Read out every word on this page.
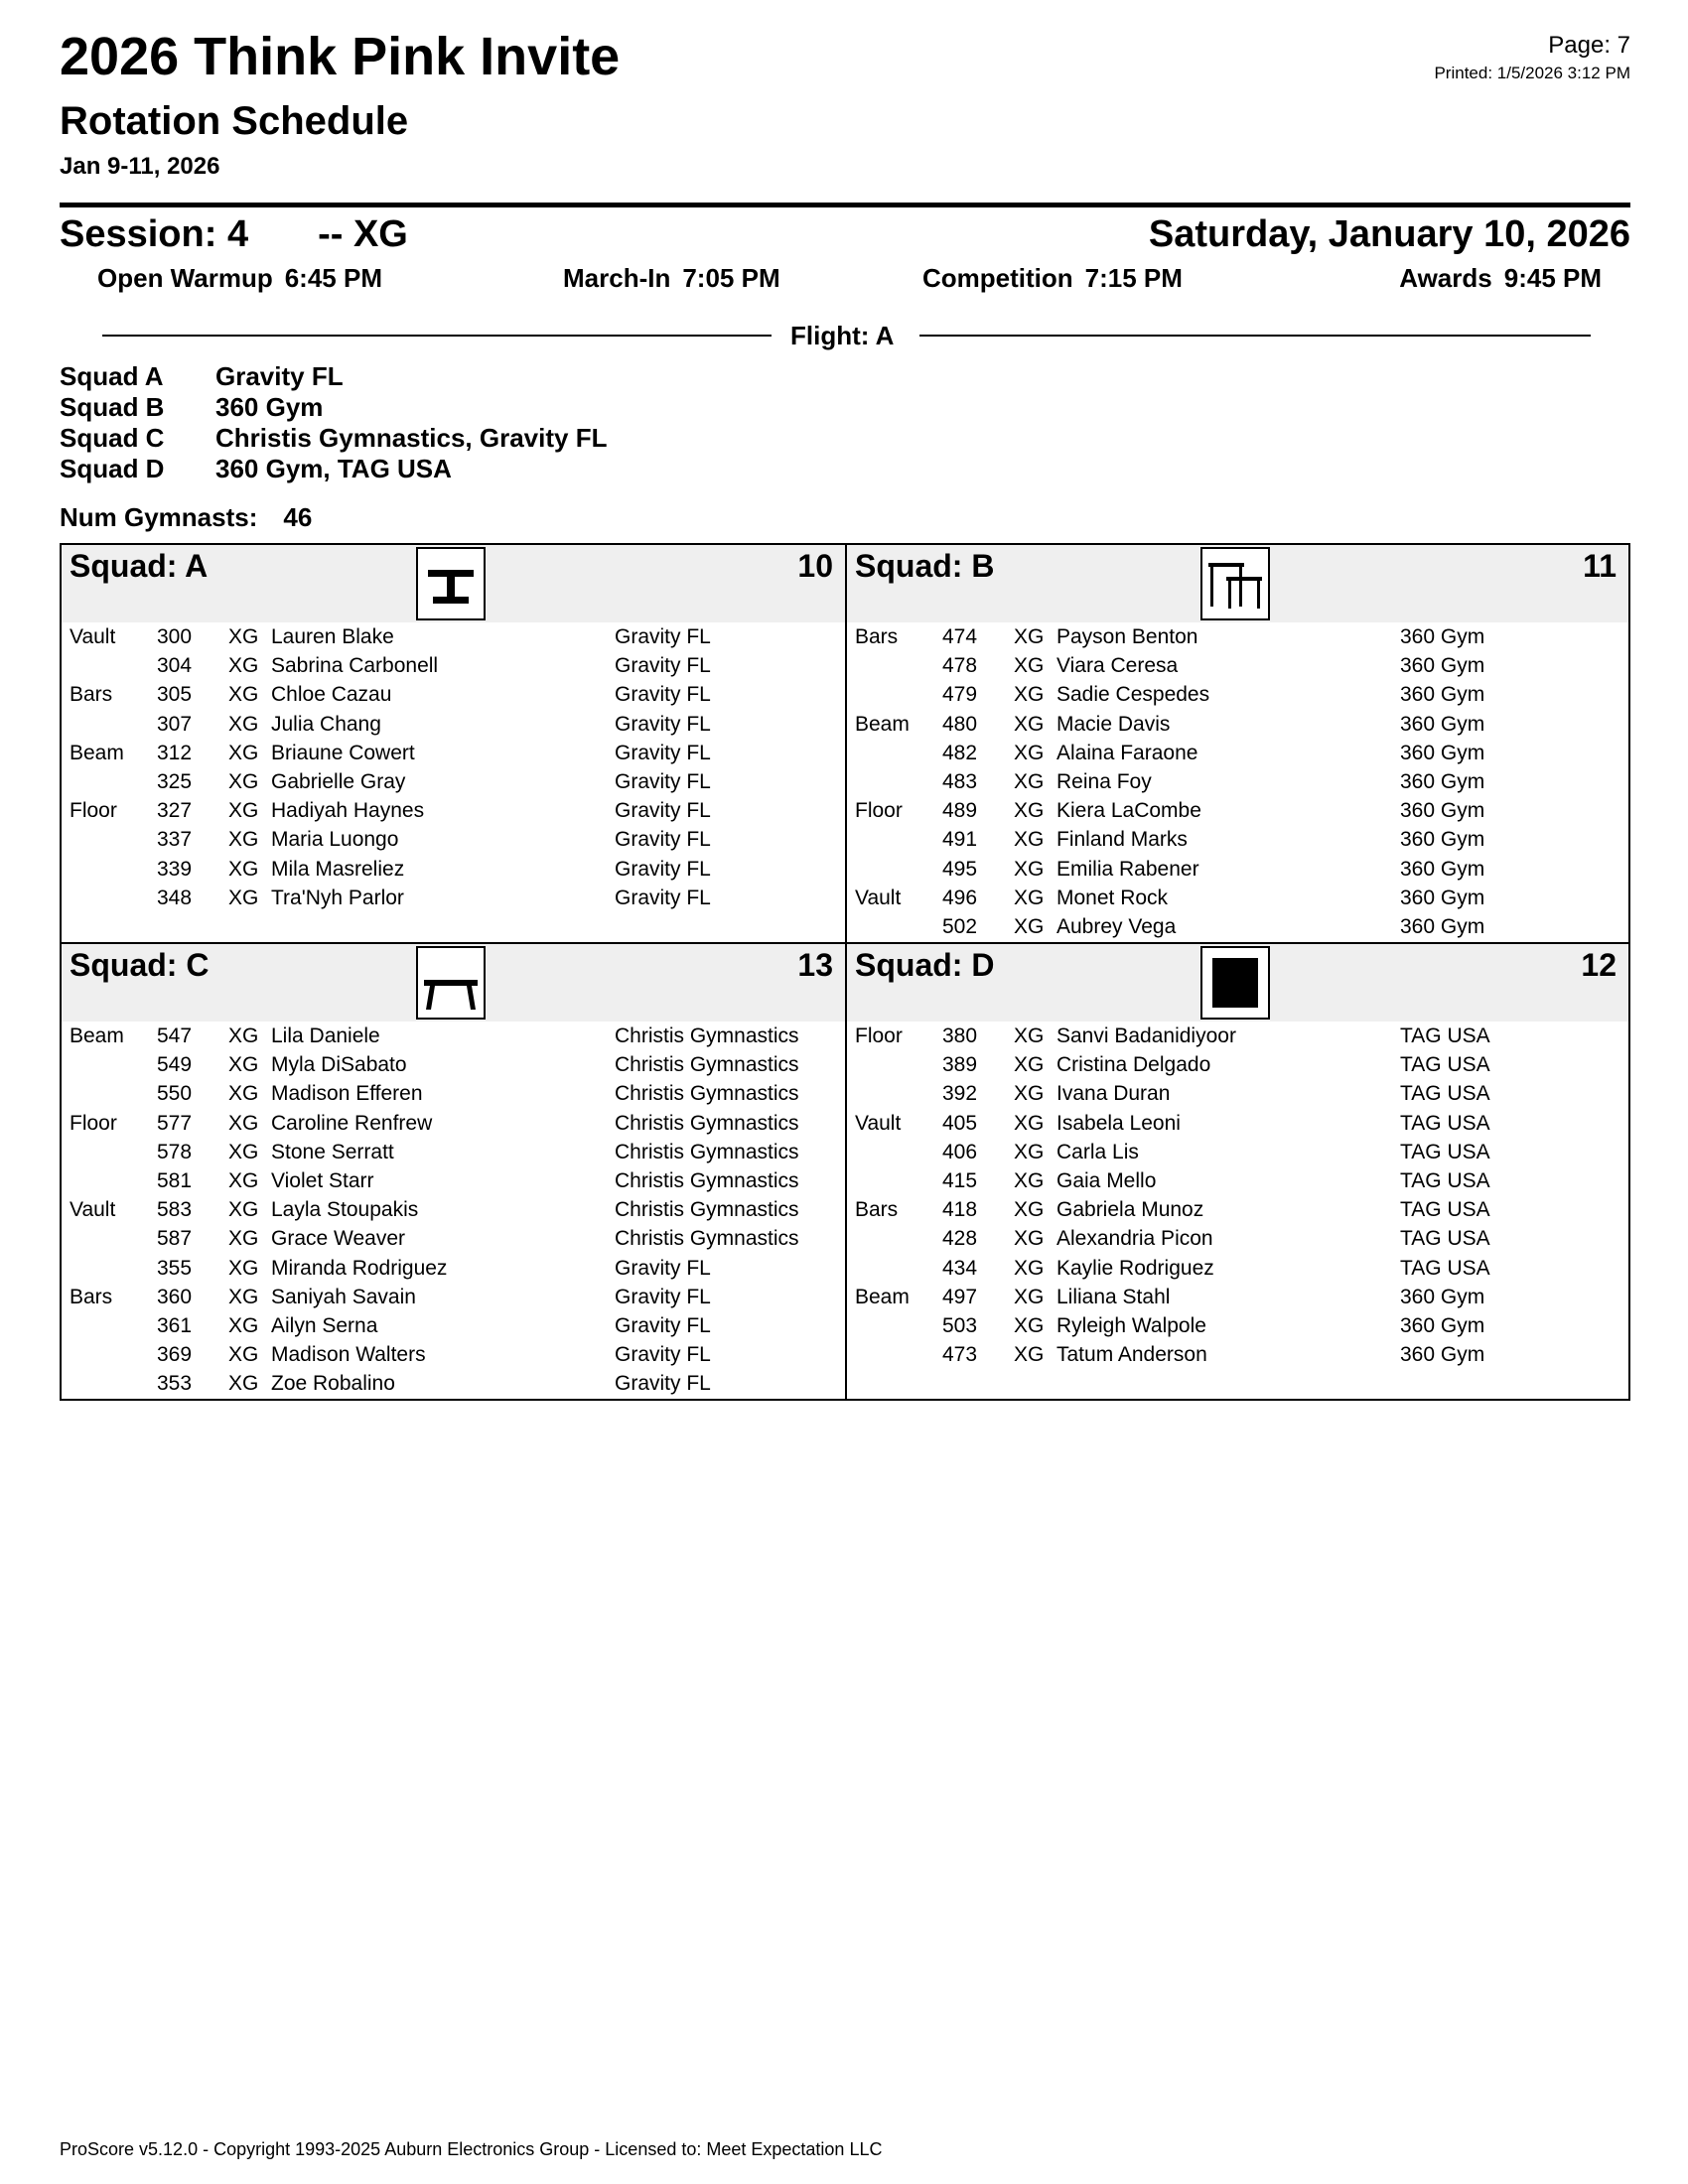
2026 Think Pink Invite
Rotation Schedule
Jan 9-11, 2026
Page: 7
Printed: 1/5/2026 3:12 PM
Session: 4 -- XG	Saturday, January 10, 2026
Open Warmup 6:45 PM	March-In 7:05 PM	Competition 7:15 PM	Awards 9:45 PM
Flight: A
Squad A	Gravity FL
Squad B	360 Gym
Squad C	Christis Gymnastics, Gravity FL
Squad D	360 Gym, TAG USA
Num Gymnasts: 46
Squad: A	10
Vault 300 XG Lauren Blake	Gravity FL
304 XG Sabrina Carbonell	Gravity FL
Bars 305 XG Chloe Cazau	Gravity FL
307 XG Julia Chang	Gravity FL
Beam 312 XG Briaune Cowert	Gravity FL
325 XG Gabrielle Gray	Gravity FL
Floor 327 XG Hadiyah Haynes	Gravity FL
337 XG Maria Luongo	Gravity FL
339 XG Mila Masreliez	Gravity FL
348 XG Tra'Nyh Parlor	Gravity FL
Squad: B	11
Bars 474 XG Payson Benton	360 Gym
478 XG Viara Ceresa	360 Gym
479 XG Sadie Cespedes	360 Gym
Beam 480 XG Macie Davis	360 Gym
482 XG Alaina Faraone	360 Gym
483 XG Reina Foy	360 Gym
Floor 489 XG Kiera LaCombe	360 Gym
491 XG Finland Marks	360 Gym
495 XG Emilia Rabener	360 Gym
Vault 496 XG Monet Rock	360 Gym
502 XG Aubrey Vega	360 Gym
Squad: C	13
Beam 547 XG Lila Daniele	Christis Gymnastics
549 XG Myla DiSabato	Christis Gymnastics
550 XG Madison Efferen	Christis Gymnastics
Floor 577 XG Caroline Renfrew	Christis Gymnastics
578 XG Stone Serratt	Christis Gymnastics
581 XG Violet Starr	Christis Gymnastics
Vault 583 XG Layla Stoupakis	Christis Gymnastics
587 XG Grace Weaver	Christis Gymnastics
355 XG Miranda Rodriguez	Gravity FL
Bars 360 XG Saniyah Savain	Gravity FL
361 XG Ailyn Serna	Gravity FL
369 XG Madison Walters	Gravity FL
353 XG Zoe Robalino	Gravity FL
Squad: D	12
Floor 380 XG Sanvi Badanidiyoor	TAG USA
389 XG Cristina Delgado	TAG USA
392 XG Ivana Duran	TAG USA
Vault 405 XG Isabela Leoni	TAG USA
406 XG Carla Lis	TAG USA
415 XG Gaia Mello	TAG USA
Bars 418 XG Gabriela Munoz	TAG USA
428 XG Alexandria Picon	TAG USA
434 XG Kaylie Rodriguez	TAG USA
Beam 497 XG Liliana Stahl	360 Gym
503 XG Ryleigh Walpole	360 Gym
473 XG Tatum Anderson	360 Gym
ProScore v5.12.0 - Copyright 1993-2025 Auburn Electronics Group - Licensed to: Meet Expectation LLC
